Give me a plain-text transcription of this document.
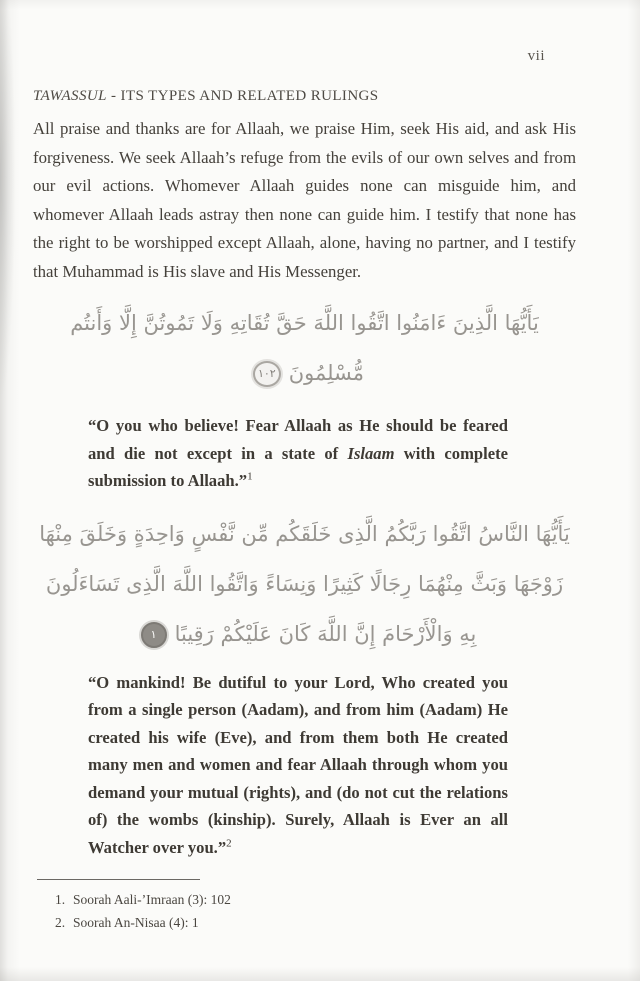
vii
TAWASSUL - ITS TYPES AND RELATED RULINGS

All praise and thanks are for Allaah, we praise Him, seek His aid, and ask His forgiveness. We seek Allaah’s refuge from the evils of our own selves and from our evil actions. Whomever Allaah guides none can misguide him, and whomever Allaah leads astray then none can guide him. I testify that none has the right to be worshipped except Allaah, alone, having no partner, and I testify that Muhammad is His slave and His Messenger.

يَأَيُّهَا الَّذِينَ ءَامَنُوا اتَّقُوا اللَّهَ حَقَّ تُقَاتِهِ وَلَا تَمُوتُنَّ إِلَّا وَأَنتُم
مُّسْلِمُونَ١٠٢

“O you who believe! Fear Allaah as He should be feared and die not except in a state of Islaam with complete submission to Allaah.”$^1$

يَأَيُّهَا النَّاسُ اتَّقُوا رَبَّكُمُ الَّذِى خَلَقَكُم مِّن نَّفْسٍ وَاحِدَةٍ وَخَلَقَ مِنْهَا
زَوْجَهَا وَبَثَّ مِنْهُمَا رِجَالًا كَثِيرًا وَنِسَاءً وَاتَّقُوا اللَّهَ الَّذِى تَسَاءَلُونَ
بِهِ وَالْأَرْحَامَ إِنَّ اللَّهَ كَانَ عَلَيْكُمْ رَقِيبًا١

“O mankind! Be dutiful to your Lord, Who created you from a single person (Aadam), and from him (Aadam) He created his wife (Eve), and from them both He created many men and women and fear Allaah through whom you demand your mutual (rights), and (do not cut the relations of) the wombs (kinship). Surely, Allaah is Ever an all Watcher over you.”$^2$

1. Soorah Aali-’Imraan (3): 102
2. Soorah An-Nisaa (4): 1
